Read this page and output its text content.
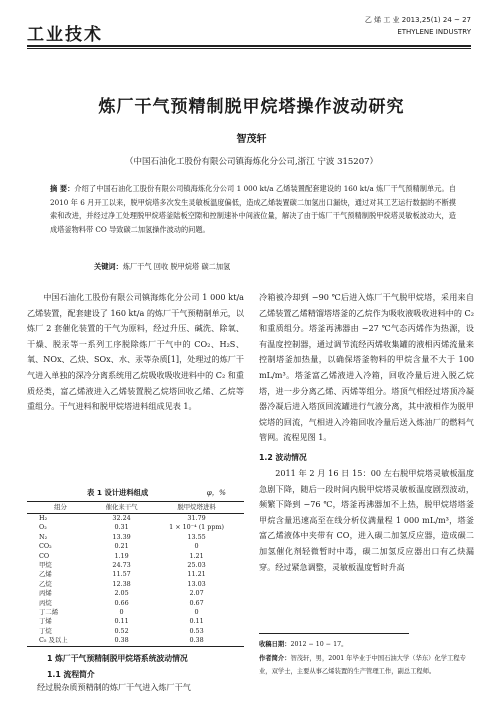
工业技术
乙 烯 工 业 2013,25(1) 24 ~ 27
ETHYLENE INDUSTRY
炼厂干气预精制脱甲烷塔操作波动研究
智茂轩
（中国石油化工股份有限公司镇海炼化分公司,浙江 宁波 315207）
摘 要：介绍了中国石油化工股份有限公司镇海炼化分公司 1 000 kt/a 乙烯装置配套建设的 160 kt/a 炼厂干气预精制单元。自 2010 年 6 月开工以来，脱甲烷塔多次发生灵敏板温度偏低，造成乙烯装置碳二加氢出口漏炔，通过对其工艺运行数据的不断摸索和改进，并经过净工处理脱甲烷塔釜陆板空隙和控制速补中间液位量，解决了由于炼厂干气预精制脱甲烷塔灵敏板波动大，造成塔釜物料带 CO 导致碳二加氢操作波动的问题。
关键词：炼厂干气 回收 脱甲烷塔 碳二加氢
中国石油化工股份有限公司镇海炼化分公司 1 000 kt/a 乙烯装置，配套建设了 160 kt/a 的炼厂干气预精制单元，以炼厂 2 套催化装置的干气为原料，经过升压、碱洗、除氧、干燥、脱汞等一系列工序脱除炼厂干气中的 CO₂、H₂S、氧、NOx、乙炔、SOx、水、汞等杂质[1]，处理过的炼厂干气进入单独的深冷分离系统用乙烷吸收吸收进料中的 C₂ 和重质烃类，富乙烯液进入乙烯装置脱乙烷塔回收乙烯、乙烷等重组分。干气进料和脱甲烷塔进料组成见表 1。
表 1 设计进料组成	φ，%
组分	催化来干气	脱甲烷塔进料
H₂	32.24	31.79
O₂	0.31	1 × 10⁻⁴ (1 ppm)
N₂	13.39	13.55
CO₂	0.21	0
CO	1.19	1.21
甲烷	24.73	25.03
乙烯	11.57	11.21
乙烷	12.38	13.03
丙烯	2.05	2.07
丙烷	0.66	0.67
丁二烯	0	0
丁烯	0.11	0.11
丁烷	0.52	0.53
C₅ 及以上	0.38	0.38
1 炼厂干气预精制脱甲烷塔系统波动情况
1.1 流程简介
经过脱杂质预精制的炼厂干气进入炼厂干气
冷箱被冷却到 −90 ℃后进入炼厂干气脱甲烷塔，采用来自乙烯装置乙烯精馏塔塔釜的乙烷作为吸收液吸收进料中的 C₂ 和重质组分。塔釜再沸器由 −27 ℃气态丙烯作为热源，设有温度控制器，通过调节流经丙烯收集罐的液相丙烯流量来控制塔釜加热量，以确保塔釜物料的甲烷含量不大于 100 mL/m³。塔釜富乙烯液进入冷箱，回收冷量后进入脱乙烷塔，进一步分离乙烯、丙烯等组分。塔顶气相经过塔顶冷凝器冷凝后进入塔顶回流罐进行气液分离，其中液相作为脱甲烷塔的回流，气相进入冷箱回收冷量后送入炼油厂的燃料气管网。流程见图 1。
1.2 波动情况
2011 年 2 月 16 日 15：00 左右脱甲烷塔灵敏板温度急剧下降，随后一段时间内脱甲烷塔灵敏板温度剧烈波动，频繁下降到 −76 ℃，塔釜再沸器加不上热，脱甲烷塔塔釜甲烷含量迅速高至在线分析仪满量程 1 000 mL/m³，塔釜富乙烯液体中夹带有 CO，进入碳二加氢反应器，造成碳二加氢催化剂轻微暂时中毒，碳二加氢反应器出口有乙炔漏穿。经过紧急调整，灵敏板温度暂时升高
收稿日期：2012 − 10 − 17。
作者简介：智茂轩，男，2001 年毕业于中国石油大学（华东）化学工程专业，双学士，主要从事乙烯装置的生产管理工作，副总工程师。
